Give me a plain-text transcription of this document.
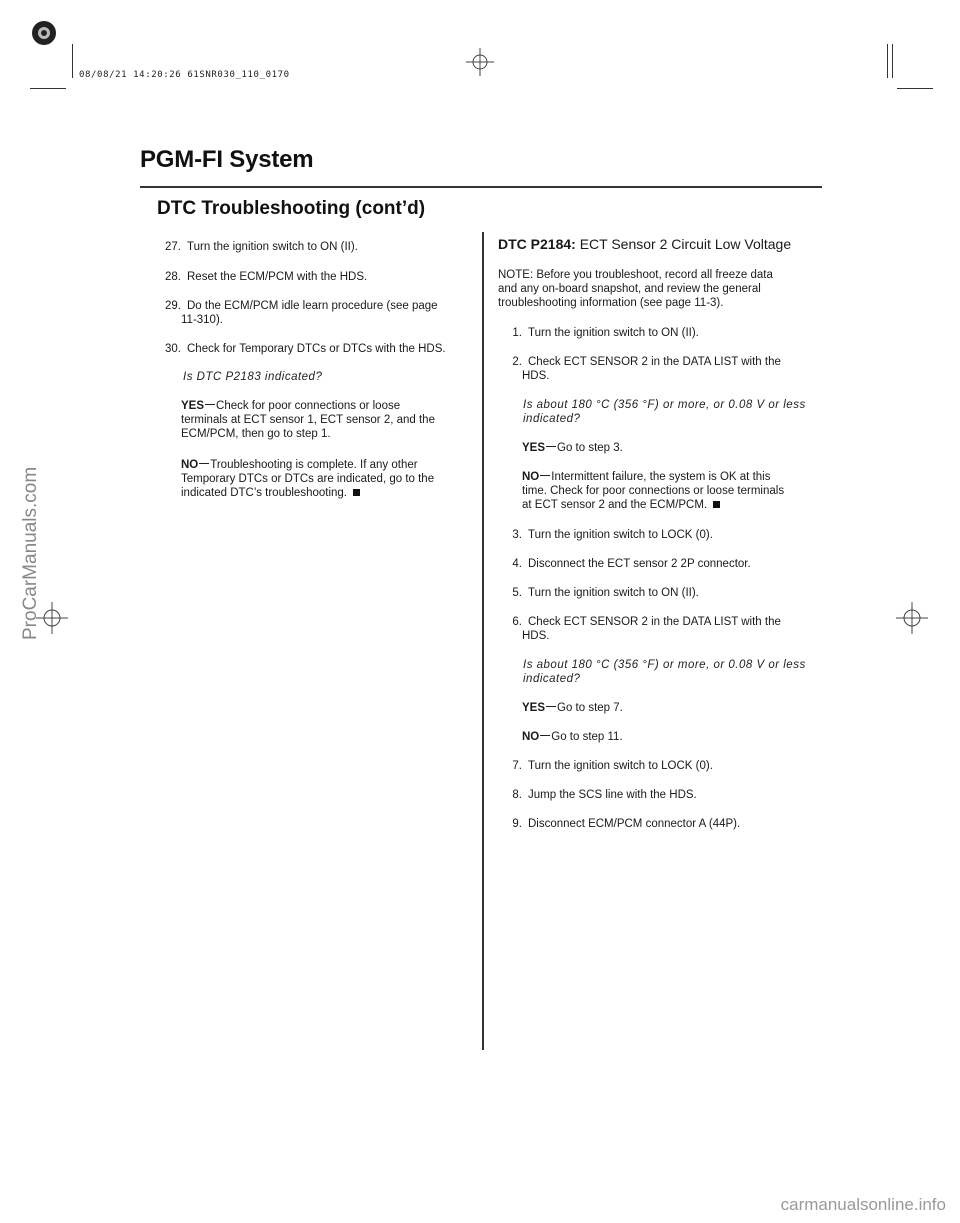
08/08/21 14:20:26 61SNR030_110_0170
PGM-FI System
DTC Troubleshooting (cont’d)
27. Turn the ignition switch to ON (II).
28. Reset the ECM/PCM with the HDS.
29. Do the ECM/PCM idle learn procedure (see page
11-310).
30. Check for Temporary DTCs or DTCs with the HDS.
Is DTC P2183 indicated?
YES Check for poor connections or loose
terminals at ECT sensor 1, ECT sensor 2, and the
ECM/PCM, then go to step 1.
NO Troubleshooting is complete. If any other
Temporary DTCs or DTCs are indicated, go to the
indicated DTC’s troubleshooting.
DTC P2184: ECT Sensor 2 Circuit Low Voltage
NOTE: Before you troubleshoot, record all freeze data
and any on-board snapshot, and review the general
troubleshooting information (see page 11-3).
1. Turn the ignition switch to ON (II).
2. Check ECT SENSOR 2 in the DATA LIST with the
HDS.
Is about 180 °C (356 °F) or more, or 0.08 V or less
indicated?
YES Go to step 3.
NO Intermittent failure, the system is OK at this
time. Check for poor connections or loose terminals
at ECT sensor 2 and the ECM/PCM.
3. Turn the ignition switch to LOCK (0).
4. Disconnect the ECT sensor 2 2P connector.
5. Turn the ignition switch to ON (II).
6. Check ECT SENSOR 2 in the DATA LIST with the
HDS.
Is about 180 °C (356 °F) or more, or 0.08 V or less
indicated?
YES Go to step 7.
NO Go to step 11.
7. Turn the ignition switch to LOCK (0).
8. Jump the SCS line with the HDS.
9. Disconnect ECM/PCM connector A (44P).
ProCarManuals.com
carmanualsonline.info
